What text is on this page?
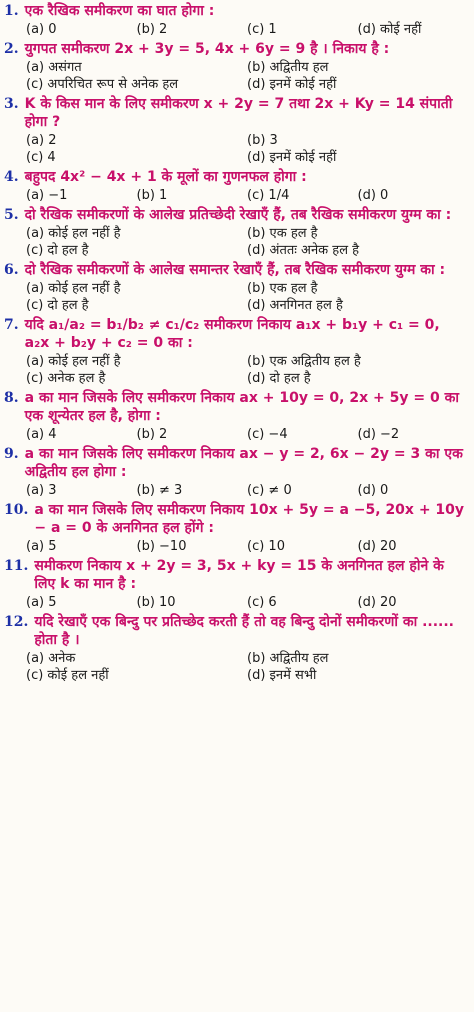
1. एक रैखिक समीकरण का घात होगा :
(a) 0	(b) 2	(c) 1	(d) कोई नहीं
2. युगपत समीकरण 2x + 3y = 5, 4x + 6y = 9 है । निकाय है :
(a) असंगत	(b) अद्वितीय हल
(c) अपरिचित रूप से अनेक हल	(d) इनमें कोई नहीं
3. K के किस मान के लिए समीकरण x + 2y = 7 तथा 2x + Ky = 14 संपाती होगा ?
(a) 2	(b) 3
(c) 4	(d) इनमें कोई नहीं
4. बहुपद 4x² − 4x + 1 के मूलों का गुणनफल होगा :
(a) −1	(b) 1	(c) 1/4	(d) 0
5. दो रैखिक समीकरणों के आलेख प्रतिच्छेदी रेखाएँ हैं, तब रैखिक समीकरण युग्म का :
(a) कोई हल नहीं है	(b) एक हल है
(c) दो हल है	(d) अंततः अनेक हल है
6. दो रैखिक समीकरणों के आलेख समान्तर रेखाएँ हैं, तब रैखिक समीकरण युग्म का :
(a) कोई हल नहीं है	(b) एक हल है
(c) दो हल है	(d) अनगिनत हल है
7. यदि a₁/a₂ = b₁/b₂ ≠ c₁/c₂ समीकरण निकाय a₁x + b₁y + c₁ = 0, a₂x + b₂y + c₂ = 0 का :
(a) कोई हल नहीं है	(b) एक अद्वितीय हल है
(c) अनेक हल है	(d) दो हल है
8. a का मान जिसके लिए समीकरण निकाय ax + 10y = 0, 2x + 5y = 0 का एक शून्येतर हल है, होगा :
(a) 4	(b) 2	(c) −4	(d) −2
9. a का मान जिसके लिए समीकरण निकाय ax − y = 2, 6x − 2y = 3 का एक अद्वितीय हल होगा :
(a) 3	(b) ≠ 3	(c) ≠ 0	(d) 0
10. a का मान जिसके लिए समीकरण निकाय 10x + 5y = a −5, 20x + 10y − a = 0 के अनगिनत हल होंगे :
(a) 5	(b) −10	(c) 10	(d) 20
11. समीकरण निकाय x + 2y = 3, 5x + ky = 15 के अनगिनत हल होने के लिए k का मान है :
(a) 5	(b) 10	(c) 6	(d) 20
12. यदि रेखाएँ एक बिन्दु पर प्रतिच्छेद करती हैं तो वह बिन्दु दोनों समीकरणों का ...... होता है ।
(a) अनेक	(b) अद्वितीय हल
(c) कोई हल नहीं	(d) इनमें सभी
